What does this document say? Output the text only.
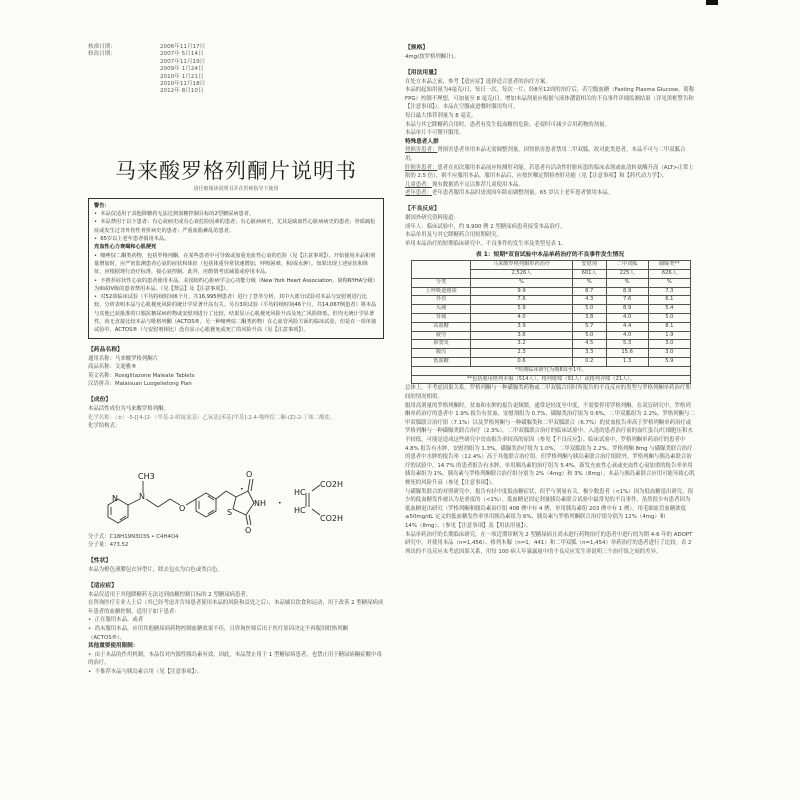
核准日期：	2006年11月17日
修改日期：	2007年 5月14日
2007年11月19日
2009年 1月24日
2010年 1月21日
2010年11月18日
2012年 8月10日
马来酸罗格列酮片说明书
请仔细阅读说明书并在医师指导下使用
警告：
•  本品仅适用于其他降糖药无法达到血糖控制目标的2型糖尿病患者。
•  本品禁用于以下患者：有心衰病史或有心衰危险因素的患者；有心脏病病史，尤其是缺血性心脏病病史的患者；骨质疏松症或发生过非外伤性骨折病史的患者；严重血脂紊乱的患者。
•  65岁以上老年患者慎用本品。
充血性心力衰竭和心肌梗死
•  噻唑烷二酮类药物，包括罗格列酮，在某些患者中可导致或加重充血性心衰的危险（见【注意事项】）。开始使用本品和剂量增加时，应严密监测患者心衰的症状和体征（包括体重异常快速增加，呼吸困难，和/或水肿）。如果出现上述症状和体征，应根据现行治疗标准，接心衰控制。此外，应酌情考虑减量或停用本品。
•  不推荐症状性心衰的患者使用本品。美国纽约心脏病学会心功能分级（New York Heart Association，简称NYHA分级）为III或IV级的患者禁用本品。（见【禁忌】及【注意事项】）。
•  对52项临床试验（平均持续时间6个月，共16,995例患者）进行了荟萃分析，其中大部分试验对本品与安慰剂进行比较，分析表明本品与心肌梗死风险的统计学显著升高有关。另有3项试验（平均持续时间46个月，共14,067例患者）将本品与其他已获批准的口服抗糖尿病药物或安慰剂进行了比较，结果显示心肌梗死风险升高及死亡风险降低，但均无统计学显著性。尚无直接比较本品与吡格列酮（ACTOS®，另一种噻唑烷二酮类药物）在心血管风险方面的临床试验，但是在一项单独试验中，ACTOS®（与安慰剂相比）没有显示心肌梗死或死亡的风险升高（见【注意事项】）。
【药品名称】
通用名称：马来酸罗格列酮片
商品名称：文迪雅®
英文名称：Rosiglitazone Maleate Tablets
汉语拼音：Malaisuan Luogelietong Pian
【成份】
本品活性成份为马来酸罗格列酮。
化学名称：（±）-5-[[4-[2-（甲基-2-吡啶氨基）乙氧基]苯基]甲基]-2,4-噻唑烷二酮-(Z)-2-丁烯二酸盐。
化学结构式：
N	N
CH3
O	S
NH
O
O
•
•
HC
HC
CO2H
CO2H
分子式：C18H19N3O3S • C4H4O4
分子量：473.52
【性状】
本品为橙色薄膜包衣异型片，除去包衣为白色或类白色。
【适应症】
本品仅适用于其他降糖药无法达到血糖控制目标的 2 型糖尿病患者。
在咨询医疗专业人士后（其已经考虑并告知患者使用本品的风险和益处之后），本品辅以饮食和运动，用于改善 2 型糖尿病成年患者的血糖控制，适用于如下患者：
•  正在服用本品，或者
•  尚未服用本品，应用其他糖尿病药物控制血糖效果不佳，且咨询医师后出于医疗原因决定不再服用吡格列酮（ACTOS®）。
其他重要使用限制：
•  由于本品的作用机制，本品仅对内源性胰岛素有效。因此，本品禁止用于 1 型糖尿病患者，也禁止用于糖尿病酮症酸中毒的治疗。
•  不推荐本品与胰岛素合用（见【注意事项】）。
【规格】
4mg(按罗格列酮计)。
【用法用量】
在处方本品之前，参考【适应症】选择适合患者的治疗方案。
本品的起始用量为4毫克/日，每日一次，每次一片，经8至12周的治疗后，若空腹血糖（Fasting Plasma Glucose，简称 FPG）控制不理想，可加量至 8 毫克/日。增加本品剂量应根据与液体潴留相关的不良事件详细监测结果（详见黑框警告和【注意事项】）。本品在空腹或进餐时服用均可。
每日最大推荐剂量为 8 毫克。
本品与其它降糖药合用时，患者有发生低血糖的危险，必要时可减少合用药物的剂量。
本品单片不可掰开服用。
特殊患者人群
肾损害患者：肾损害患者单用本品无需调整剂量。因肾损害患者禁用二甲双胍，故对此类患者，本品不可与二甲双胍合用。
肝损害患者：患者在初次服用本品前应检测肝功能。若患者有活动性肝脏疾患的临床表现或血清转氨酶升高（ALT>正常上限的 2.5 倍），则不应服用本品。服用本品后，应按医嘱定期检查肝功能（见【注意事项】和【药代动力学】）。
儿童患者：现有数据尚不足以推荐儿童使用本品。
老年患者：老年患者服用本品时毋需因年龄而调整剂量。65 岁以上老年患者慎用本品。
【不良反应】
据国外研究资料报道：
成年人：临床试验中，约 9,900 例 2 型糖尿病患者接受本品治疗。
本品单用及与其它降糖药合用短期研究。
单用本品治疗的短期临床研究中，不良事件的发生率及类型见表 1。
表 1：短期*双盲试验中本品单药治疗的不良事件发生情况
	马来酸罗格列酮单药治疗	安慰剂	二甲双胍	磺脲类**
	2,526人	601人	225人	626人
分类	%	%	%	%
上呼吸道感染	9.9	8.7	8.9	7.3
外伤	7.6	4.3	7.6	6.1
头痛	5.9	5.0	8.9	5.4
背痛	4.0	3.8	4.0	5.0
高血糖	3.9	5.7	4.4	8.1
疲劳	3.6	5.0	4.0	1.9
鼻窦炎	3.2	4.5	5.3	3.0
腹泻	2.3	3.3	15.6	3.0
低血糖	0.6	0.2	1.3	5.9
*短期临床研究为期8周至1年。				
**包括服用格列本脲（514人）、格列吡嗪（91人）或格列齐嗪（21人）。				
总体上，不考虑因果关系，罗格列酮与一种磺脲类药物或二甲双胍合用时所报告的不良反应的类型与罗格列酮单药治疗期间的情况相似。
服用高剂量的罗格列酮时，贫血和水肿的报告更频繁，通常是轻度至中度，不需要停用罗格列酮。在双盲研究中，罗格列酮单药治疗的患者中 1.9% 报告有贫血，安慰剂组为 0.7%，磺脲类治疗组为 0.6%，二甲双胍组为 2.2%。罗格列酮与二甲双胍联合治疗组（7.1%）以及罗格列酮与一种磺脲类和二甲双胍联合（6.7%）的贫血报告率高于罗格列酮单药治疗或罗格列酮与一种磺脲类联合治疗（2.3%）。二甲双胍联合治疗的临床试验中，入选的患者治疗前的血红蛋白/红细胞压积水平较低，可能是造成这些研究中贫血报告率较高的原因（参见【不良反应】）。临床试验中，罗格列酮单药治疗的患者中 4.8% 报告有水肿，安慰剂组为 1.3%，磺脲类治疗组为 1.0%，二甲双胍组为 2.2%。罗格列酮 8mg 与磺脲类联合治疗的患者中水肿的报告率（12.4%）高于其他联合治疗组。但罗格列酮与胰岛素联合治疗组除外，罗格列酮与胰岛素联合治疗的试验中，14.7% 的患者报告有水肿，单用胰岛素的治疗组为 5.4%。新发充血性心衰或充血性心衰加重的报告率单用胰岛素组为 1%，胰岛素与罗格列酮联合治疗组分别为 2%（4mg）和 3%（8mg）。本品与胰岛素联合应用可能导致心肌梗死的风险升高（参见【注意事项】）。
与磺脲类联合的对照研究中，报告有轻中度低血糖症状，似乎与剂量有关。极少数患者（<1%）因为低血糖退出研究，很少的低血糖发作被认为是重度的（<1%）。低血糖是固定剂量胰岛素联合试验中最常见的不良事件。虽然很少有患者因为低血糖退出研究（罗格列酮和胰岛素治疗组 408 例中有 4 例，单用胰岛素组 203 例中有 1 例）。用毛细血管血糖浓度≤50mg/dL 定义的低血糖发作率单用胰岛素组为 6%，胰岛素与罗格列酮联合治疗组分别为 12%（4mg）和 14%（8mg）。（参见【注意事项】及【用法用量】）。
本品单药治疗的长期临床研究。在一项近期诊断为 2 型糖尿病且尚未进行药物治疗的患者中进行的为期 4-6 年的 ADOPT 研究中，对使用本品（n=1,456）、格列本脲（n=1，441）和二甲双胍（n=1,454）单药治疗的患者进行了比较。表 2 列出的不良反应未考虑因果关系，用每 100 病人年暴露量中的不良反应发生率说明三个治疗组之间的差异。
